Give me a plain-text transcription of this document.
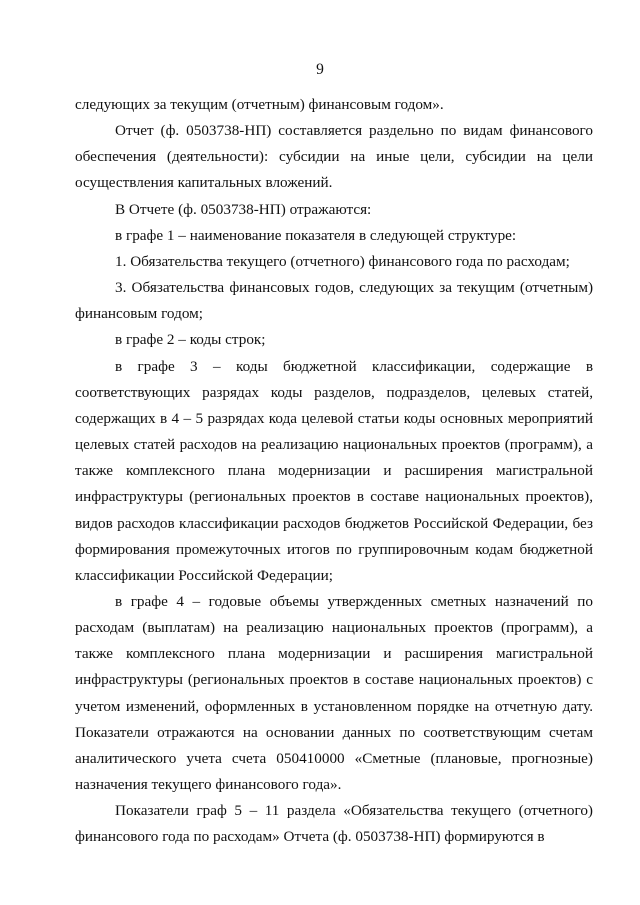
9

следующих за текущим (отчетным) финансовым годом».

Отчет (ф. 0503738-НП) составляется раздельно по видам финансового обеспечения (деятельности): субсидии на иные цели, субсидии на цели осуществления капитальных вложений.

В Отчете (ф. 0503738-НП) отражаются:

в графе 1 – наименование показателя в следующей структуре:

1. Обязательства текущего (отчетного) финансового года по расходам;

3. Обязательства финансовых годов, следующих за текущим (отчетным) финансовым годом;

в графе 2 – коды строк;

в графе 3 – коды бюджетной классификации, содержащие в соответствующих разрядах коды разделов, подразделов, целевых статей, содержащих в 4 – 5 разрядах кода целевой статьи коды основных мероприятий целевых статей расходов на реализацию национальных проектов (программ), а также комплексного плана модернизации и расширения магистральной инфраструктуры (региональных проектов в составе национальных проектов), видов расходов классификации расходов бюджетов Российской Федерации, без формирования промежуточных итогов по группировочным кодам бюджетной классификации Российской Федерации;

в графе 4 – годовые объемы утвержденных сметных назначений по расходам (выплатам) на реализацию национальных проектов (программ), а также комплексного плана модернизации и расширения магистральной инфраструктуры (региональных проектов в составе национальных проектов) с учетом изменений, оформленных в установленном порядке на отчетную дату. Показатели отражаются на основании данных по соответствующим счетам аналитического учета счета 050410000 «Сметные (плановые, прогнозные) назначения текущего финансового года».

Показатели граф 5 – 11 раздела «Обязательства текущего (отчетного) финансового года по расходам» Отчета (ф. 0503738-НП) формируются в
